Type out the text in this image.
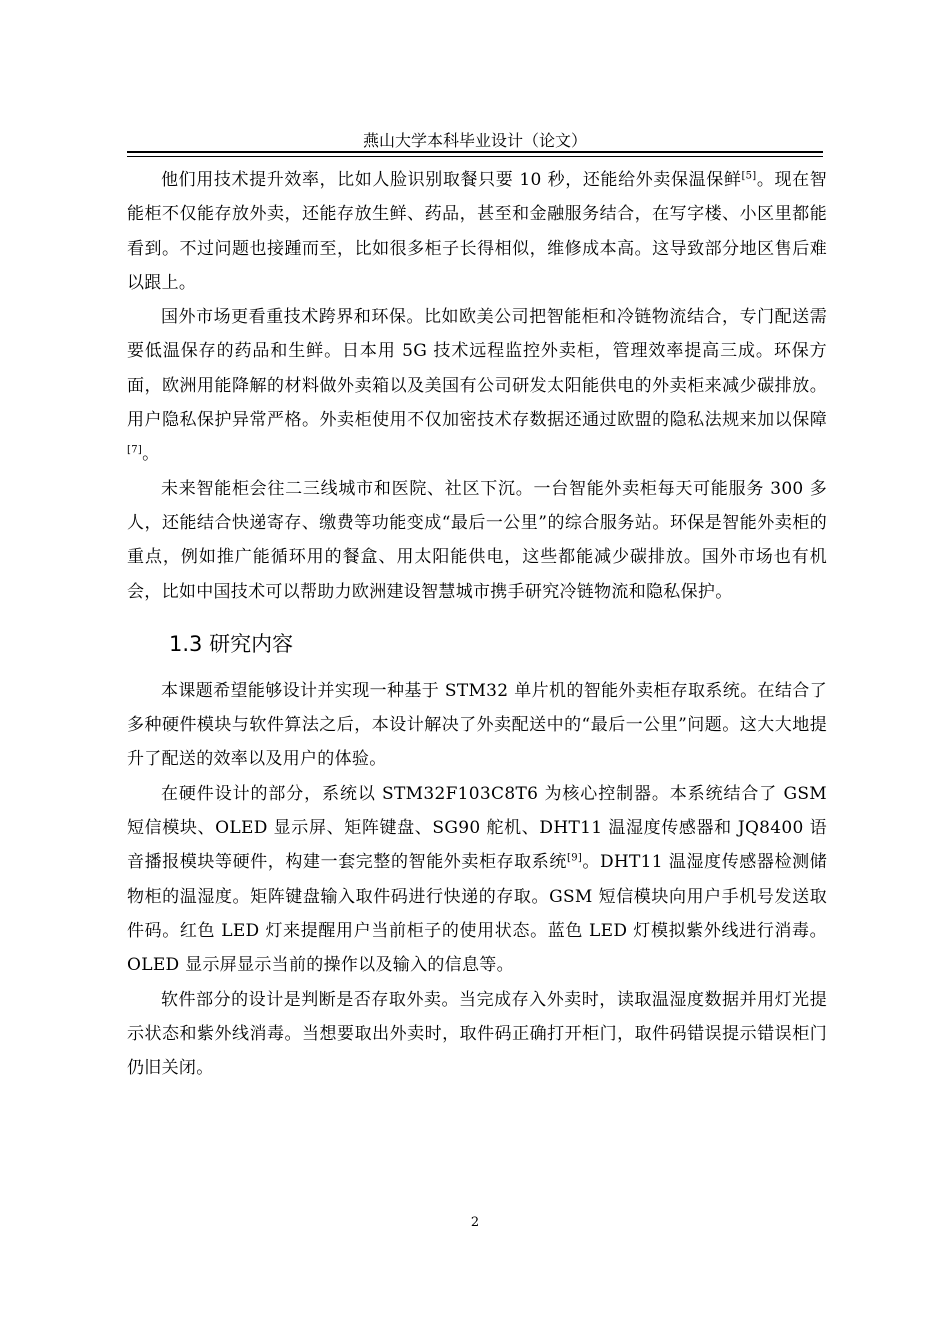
燕山大学本科毕业设计（论文）

他们用技术提升效率，比如人脸识别取餐只要 10 秒，还能给外卖保温保鲜[5]。现在智能柜不仅能存放外卖，还能存放生鲜、药品，甚至和金融服务结合，在写字楼、小区里都能看到。不过问题也接踵而至，比如很多柜子长得相似，维修成本高。这导致部分地区售后难以跟上。

国外市场更看重技术跨界和环保。比如欧美公司把智能柜和冷链物流结合，专门配送需要低温保存的药品和生鲜。日本用 5G 技术远程监控外卖柜，管理效率提高三成。环保方面，欧洲用能降解的材料做外卖箱以及美国有公司研发太阳能供电的外卖柜来减少碳排放。用户隐私保护异常严格。外卖柜使用不仅加密技术存数据还通过欧盟的隐私法规来加以保障[7]。

未来智能柜会往二三线城市和医院、社区下沉。一台智能外卖柜每天可能服务 300 多人，还能结合快递寄存、缴费等功能变成“最后一公里”的综合服务站。环保是智能外卖柜的重点，例如推广能循环用的餐盒、用太阳能供电，这些都能减少碳排放。国外市场也有机会，比如中国技术可以帮助力欧洲建设智慧城市携手研究冷链物流和隐私保护。

1.3 研究内容

本课题希望能够设计并实现一种基于 STM32 单片机的智能外卖柜存取系统。在结合了多种硬件模块与软件算法之后，本设计解决了外卖配送中的“最后一公里”问题。这大大地提升了配送的效率以及用户的体验。

在硬件设计的部分，系统以 STM32F103C8T6 为核心控制器。本系统结合了 GSM 短信模块、OLED 显示屏、矩阵键盘、SG90 舵机、DHT11 温湿度传感器和 JQ8400 语音播报模块等硬件，构建一套完整的智能外卖柜存取系统[9]。DHT11 温湿度传感器检测储物柜的温湿度。矩阵键盘输入取件码进行快递的存取。GSM 短信模块向用户手机号发送取件码。红色 LED 灯来提醒用户当前柜子的使用状态。蓝色 LED 灯模拟紫外线进行消毒。OLED 显示屏显示当前的操作以及输入的信息等。

软件部分的设计是判断是否存取外卖。当完成存入外卖时，读取温湿度数据并用灯光提示状态和紫外线消毒。当想要取出外卖时，取件码正确打开柜门，取件码错误提示错误柜门仍旧关闭。

2
